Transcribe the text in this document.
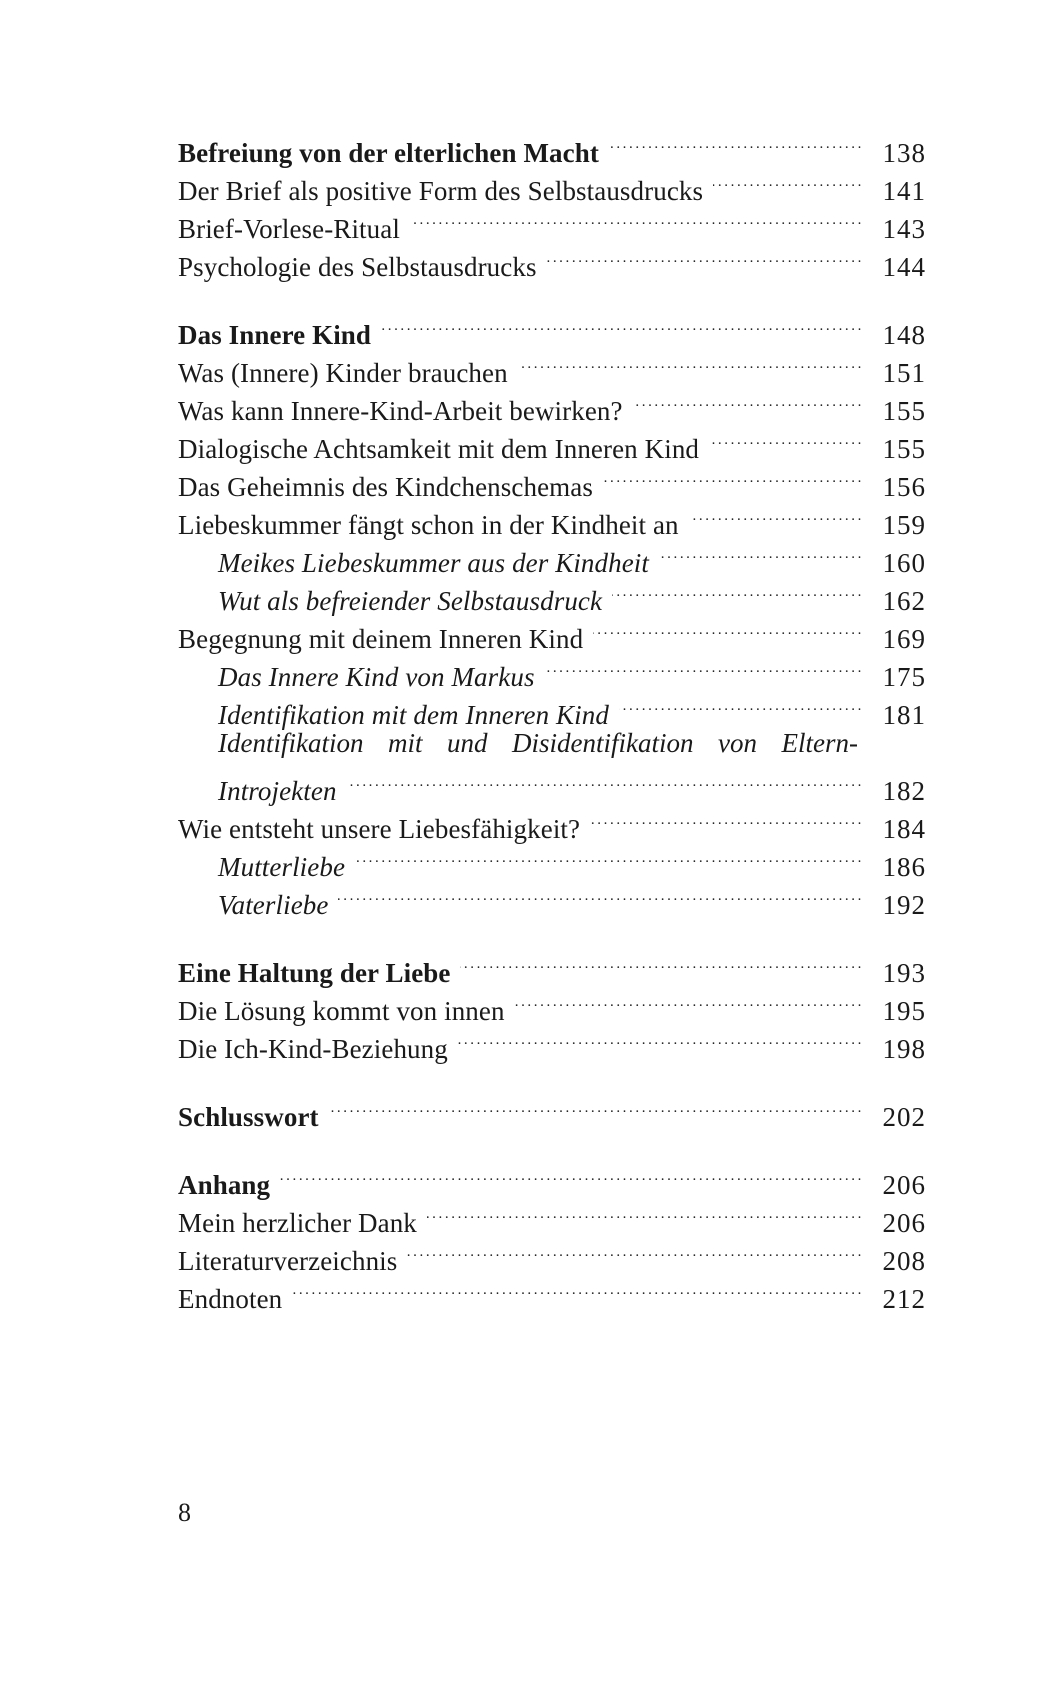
Befreiung von der elterlichen Macht .....	138
Der Brief als positive Form des Selbstausdrucks .....	141
Brief-Vorlese-Ritual .....	143
Psychologie des Selbstausdrucks .....	144
Das Innere Kind .....	148
Was (Innere) Kinder brauchen .....	151
Was kann Innere-Kind-Arbeit bewirken? .....	155
Dialogische Achtsamkeit mit dem Inneren Kind .....	155
Das Geheimnis des Kindchenschemas .....	156
Liebeskummer fängt schon in der Kindheit an .....	159
Meikes Liebeskummer aus der Kindheit .....	160
Wut als befreiender Selbstausdruck .....	162
Begegnung mit deinem Inneren Kind .....	169
Das Innere Kind von Markus .....	175
Identifikation mit dem Inneren Kind .....	181
Identifikation mit und Disidentifikation von Eltern-
Introjekten .....	182
Wie entsteht unsere Liebesfähigkeit? .....	184
Mutterliebe .....	186
Vaterliebe .....	192
Eine Haltung der Liebe .....	193
Die Lösung kommt von innen .....	195
Die Ich-Kind-Beziehung .....	198
Schlusswort .....	202
Anhang .....	206
Mein herzlicher Dank .....	206
Literaturverzeichnis .....	208
Endnoten .....	212
8
